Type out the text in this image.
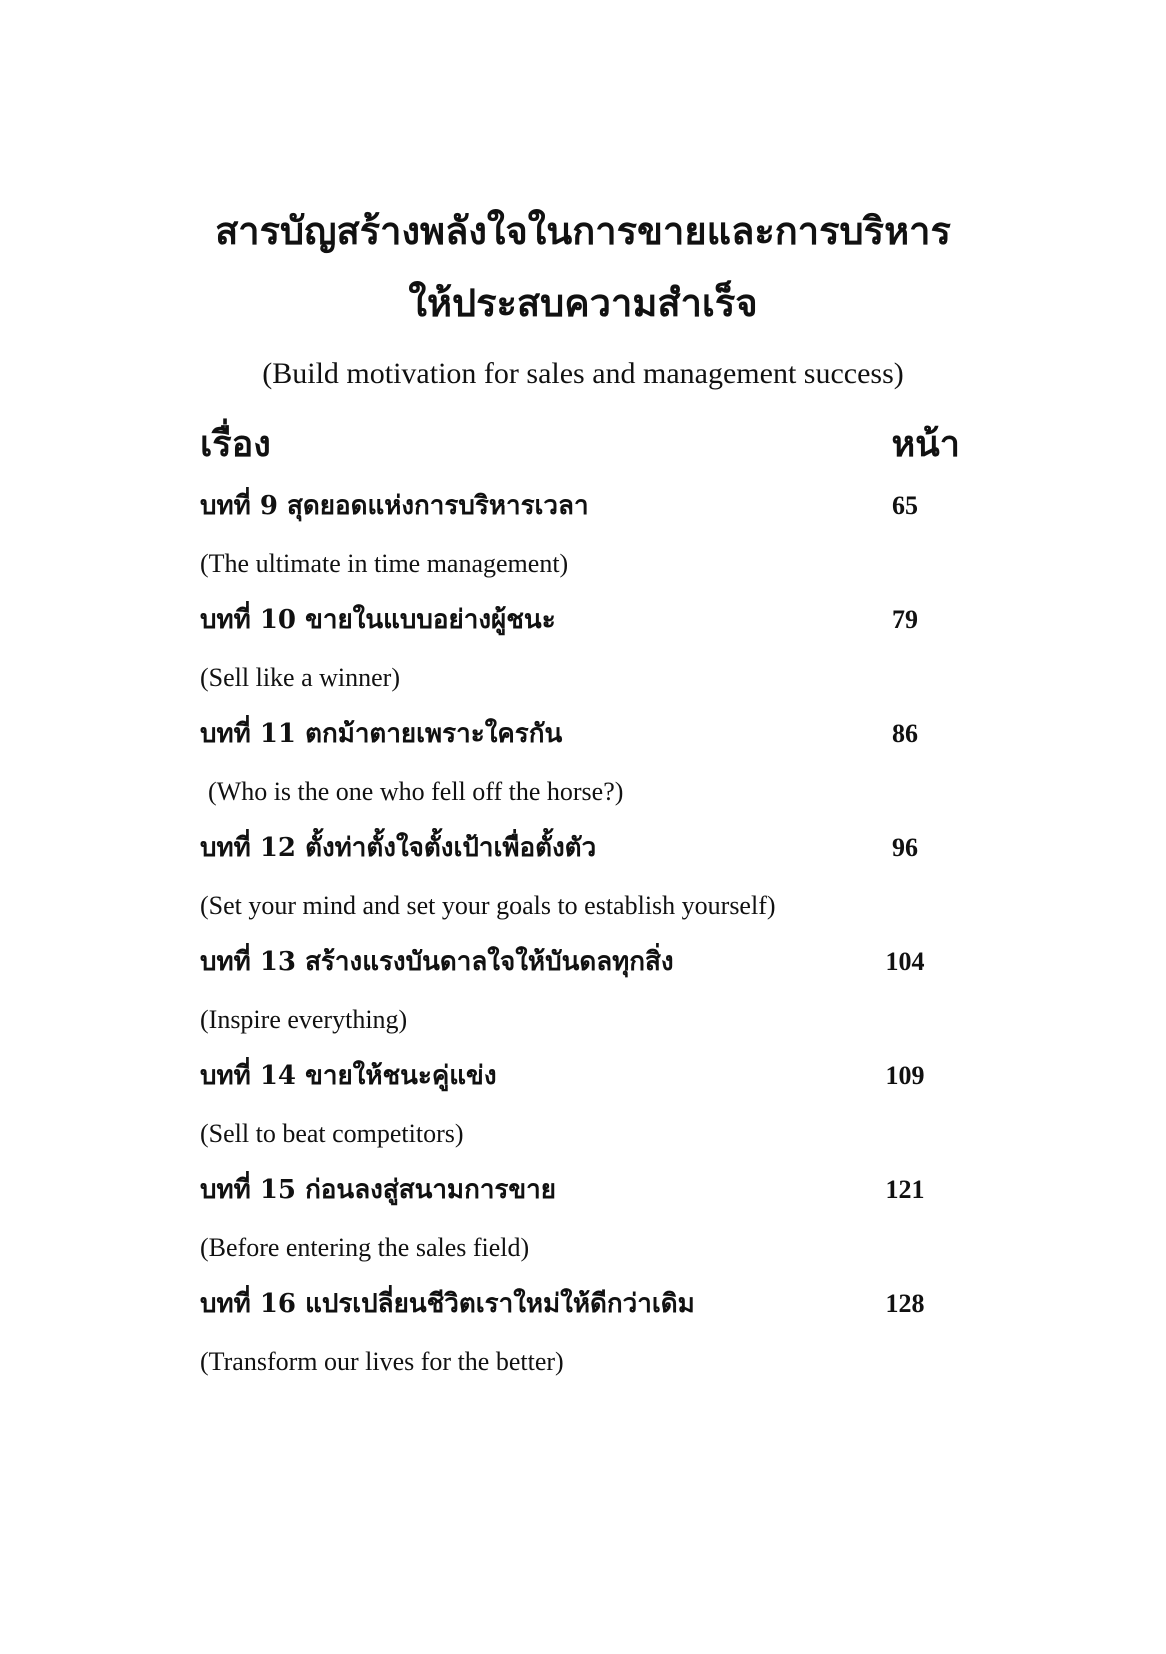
สารบัญสร้างพลังใจในการขายและการบริหาร
ให้ประสบความสำเร็จ
(Build motivation for sales and management success)
เรื่อง	หน้า
บทที่ 9 สุดยอดแห่งการบริหารเวลา	65
(The ultimate in time management)
บทที่ 10 ขายในแบบอย่างผู้ชนะ	79
(Sell like a winner)
บทที่ 11 ตกม้าตายเพราะใครกัน	86
(Who is the one who fell off the horse?)
บทที่ 12 ตั้งท่าตั้งใจตั้งเป้าเพื่อตั้งตัว	96
(Set your mind and set your goals to establish yourself)
บทที่ 13 สร้างแรงบันดาลใจให้บันดลทุกสิ่ง	104
(Inspire everything)
บทที่ 14 ขายให้ชนะคู่แข่ง	109
(Sell to beat competitors)
บทที่ 15 ก่อนลงสู่สนามการขาย	121
(Before entering the sales field)
บทที่ 16 แปรเปลี่ยนชีวิตเราใหม่ให้ดีกว่าเดิม	128
(Transform our lives for the better)
